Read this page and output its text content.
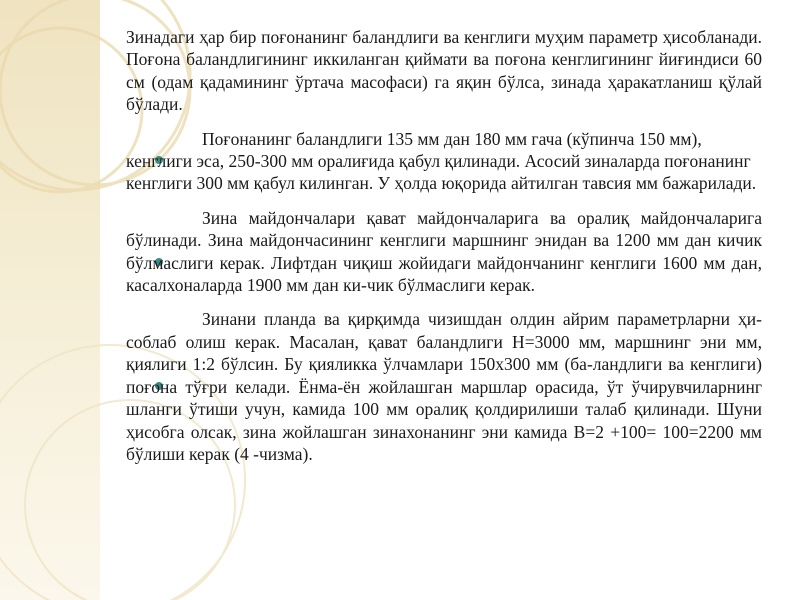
Зинадаги ҳар бир поғонанинг баландлиги ва кенглиги муҳим параметр ҳисобланади. Поғона баландлигининг иккиланган қиймати ва поғона кенглигининг йиғиндиси 60 см (одам қадамининг ўртача масофаси) га яқин бўлса, зинада ҳаракатланиш қўлай бўлади.

Поғонанинг баландлиги 135 мм дан 180 мм гача (кўпинча 150 мм), кенглиги эса, 250-300 мм оралиғида қабул қилинади. Асосий зиналарда поғонанинг кенглиги 300 мм қабул килинган. У ҳолда юқорида айтилган тавсия мм бажарилади.

Зина майдончалари қават майдончаларига ва оралиқ майдончаларига бўлинади. Зина майдончасининг кенглиги маршнинг энидан ва 1200 мм дан кичик бўлмаслиги керак. Лифтдан чиқиш жойидаги майдончанинг кенглиги 1600 мм дан, касалхоналарда 1900 мм дан ки-чик бўлмаслиги керак.

Зинани планда ва қирқимда чизишдан олдин айрим параметрларни ҳи-соблаб олиш керак. Масалан, қават баландлиги Н=3000 мм, маршнинг эни мм, қиялиги 1:2 бўлсин. Бу қияликка ўлчамлари 150х300 мм (ба-ландлиги ва кенглиги) поғона тўғри келади. Ёнма-ён жойлашган маршлар орасида, ўт ўчирувчиларнинг шланги ўтиши учун, камида 100 мм оралиқ қолдирилиши талаб қилинади. Шуни ҳисобга олсак, зина жойлашган зинахонанинг эни камида В=2 +100= 100=2200 мм бўлиши керак (4 -чизма).
